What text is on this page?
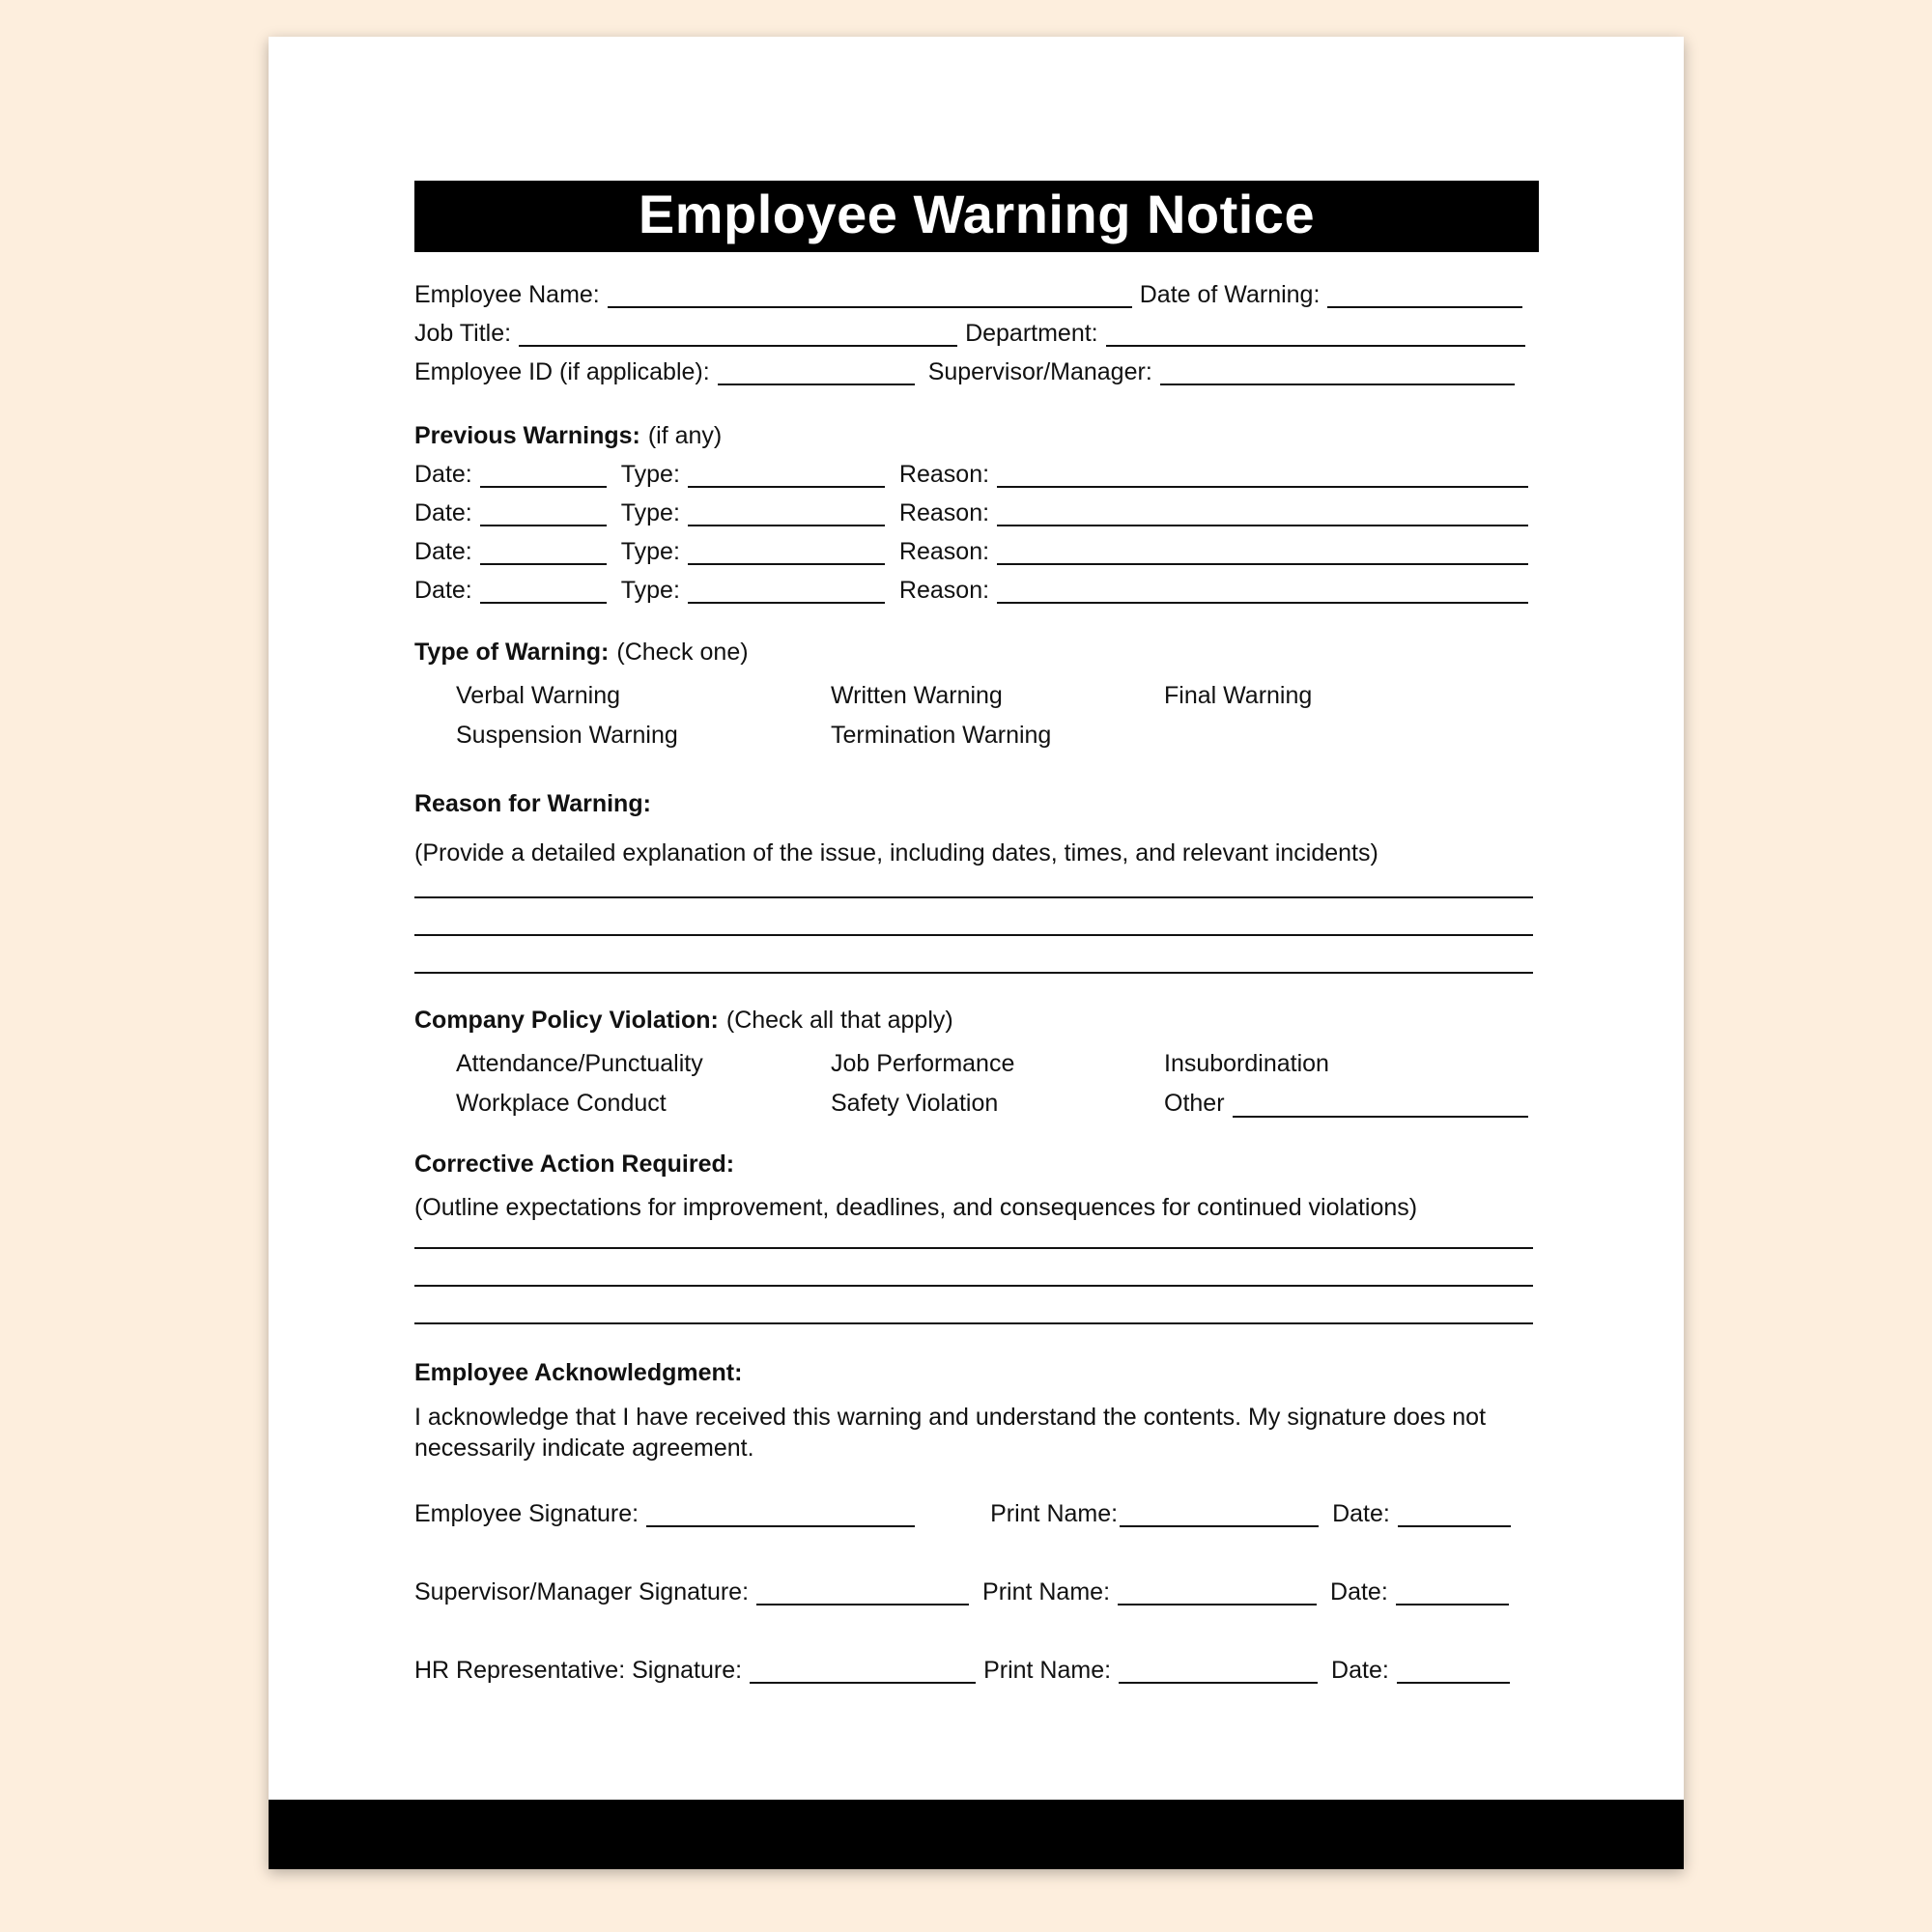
Employee Warning Notice
Employee Name:	Date of Warning:
Job Title:	Department:
Employee ID (if applicable):	Supervisor/Manager:
Previous Warnings: (if any)
Date:	Type:	Reason:
Date:	Type:	Reason:
Date:	Type:	Reason:
Date:	Type:	Reason:
Type of Warning: (Check one)
Verbal Warning	Written Warning	Final Warning
Suspension Warning	Termination Warning
Reason for Warning:
(Provide a detailed explanation of the issue, including dates, times, and relevant incidents)
Company Policy Violation: (Check all that apply)
Attendance/Punctuality	Job Performance	Insubordination
Workplace Conduct	Safety Violation	Other
Corrective Action Required:
(Outline expectations for improvement, deadlines, and consequences for continued violations)
Employee Acknowledgment:
I acknowledge that I have received this warning and understand the contents. My signature does not necessarily indicate agreement.
Employee Signature:	Print Name:	Date:
Supervisor/Manager Signature:	Print Name:	Date:
HR Representative: Signature:	Print Name:	Date:
